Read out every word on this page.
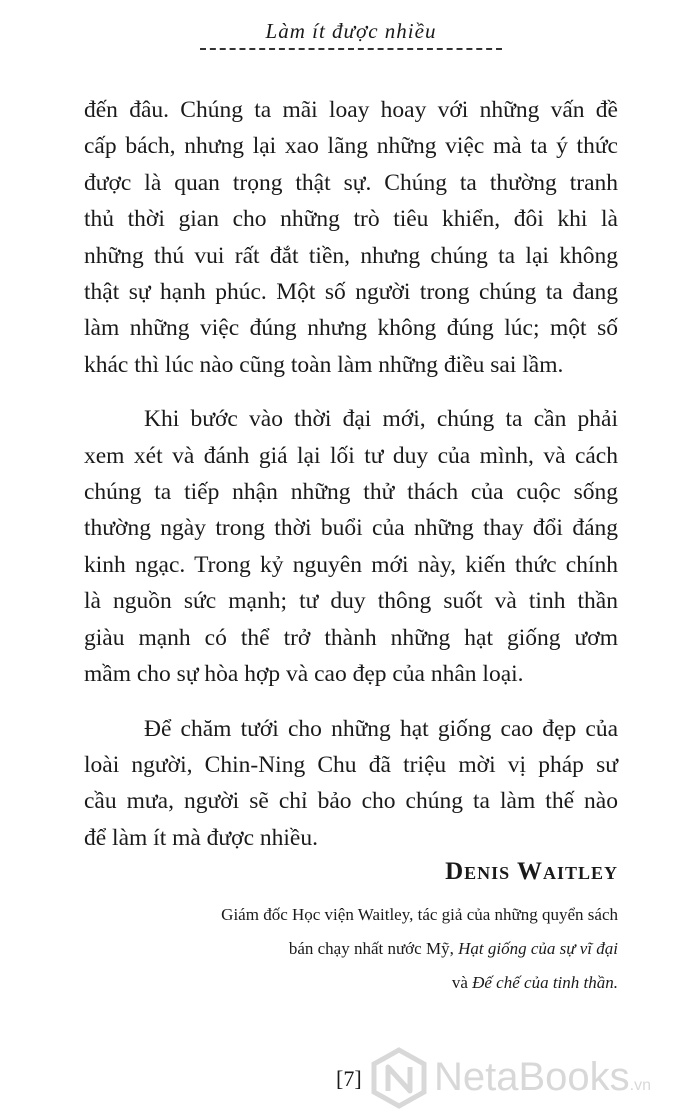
Làm ít được nhiều

đến đâu. Chúng ta mãi loay hoay với những vấn đề
cấp bách, nhưng lại xao lãng những việc mà ta ý thức
được là quan trọng thật sự. Chúng ta thường tranh
thủ thời gian cho những trò tiêu khiển, đôi khi là
những thú vui rất đắt tiền, nhưng chúng ta lại không
thật sự hạnh phúc. Một số người trong chúng ta đang
làm những việc đúng nhưng không đúng lúc; một số
khác thì lúc nào cũng toàn làm những điều sai lầm.

Khi bước vào thời đại mới, chúng ta cần phải
xem xét và đánh giá lại lối tư duy của mình, và cách
chúng ta tiếp nhận những thử thách của cuộc sống
thường ngày trong thời buổi của những thay đổi đáng
kinh ngạc. Trong kỷ nguyên mới này, kiến thức chính
là nguồn sức mạnh; tư duy thông suốt và tinh thần
giàu mạnh có thể trở thành những hạt giống ươm
mầm cho sự hòa hợp và cao đẹp của nhân loại.

Để chăm tưới cho những hạt giống cao đẹp của
loài người, Chin-Ning Chu đã triệu mời vị pháp sư
cầu mưa, người sẽ chỉ bảo cho chúng ta làm thế nào
để làm ít mà được nhiều.

Denis Waitley
Giám đốc Học viện Waitley, tác giả của những quyển sách
bán chạy nhất nước Mỹ, Hạt giống của sự vĩ đại
và Đế chế của tinh thần.
[7] NetaBooks.vn
